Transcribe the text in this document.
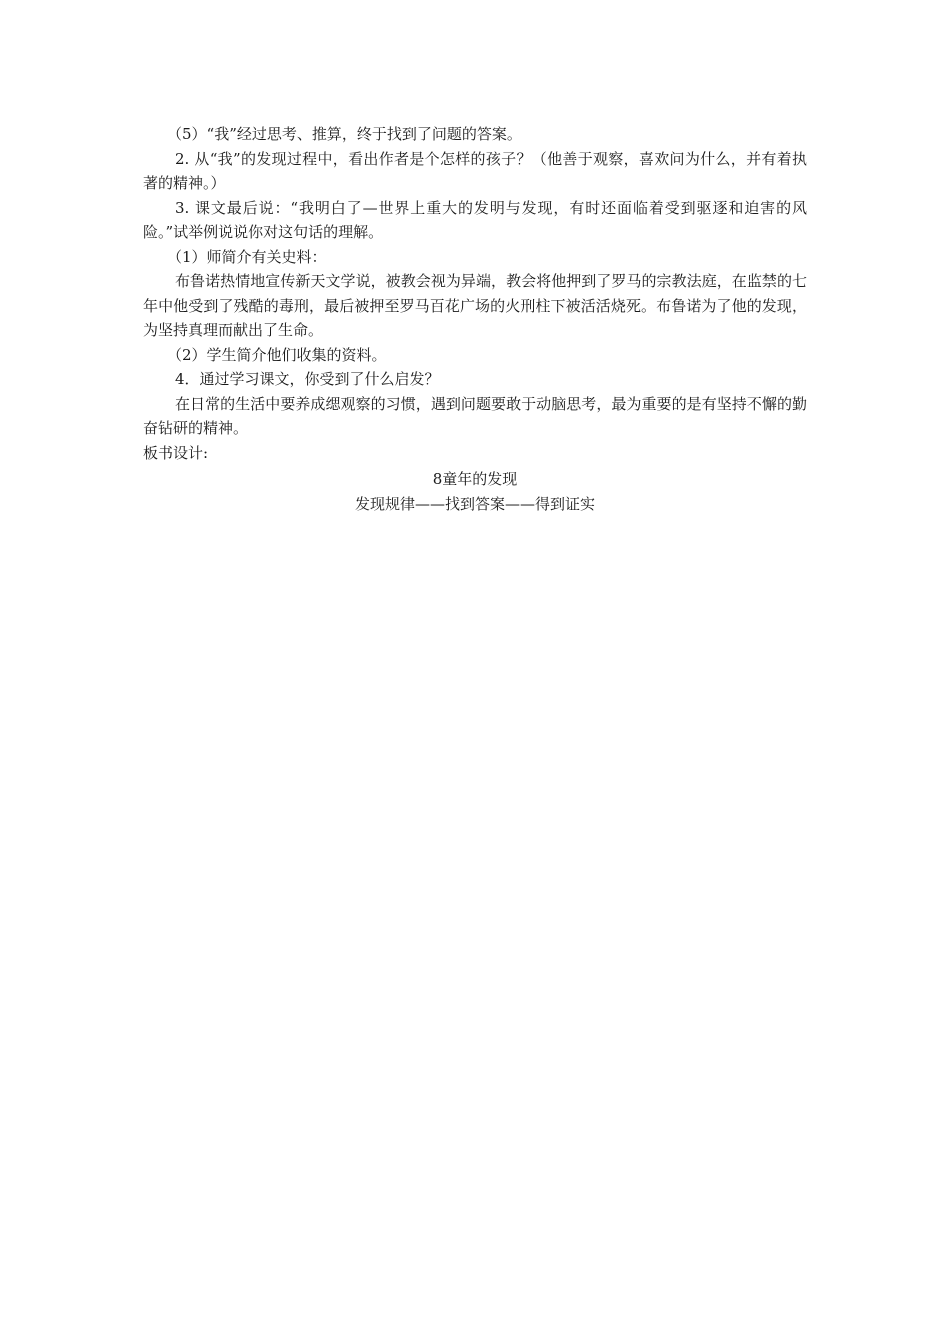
（5）“我”经过思考、推算，终于找到了问题的答案。

2. 从“我”的发现过程中，看出作者是个怎样的孩子？（他善于观察，喜欢问为什么，并有着执著的精神。）

3. 课文最后说：“我明白了—世界上重大的发明与发现，有时还面临着受到驱逐和迫害的风险。”试举例说说你对这句话的理解。

（1）师简介有关史料：

布鲁诺热情地宣传新天文学说，被教会视为异端，教会将他押到了罗马的宗教法庭，在监禁的七年中他受到了残酷的毒刑，最后被押至罗马百花广场的火刑柱下被活活烧死。布鲁诺为了他的发现，为坚持真理而献出了生命。

（2）学生简介他们收集的资料。

4．通过学习课文，你受到了什么启发？

在日常的生活中要养成缌观察的习惯，遇到问题要敢于动脑思考，最为重要的是有坚持不懈的勤奋钻研的精神。

板书设计:

8童年的发现

发现规律——找到答案——得到证实
